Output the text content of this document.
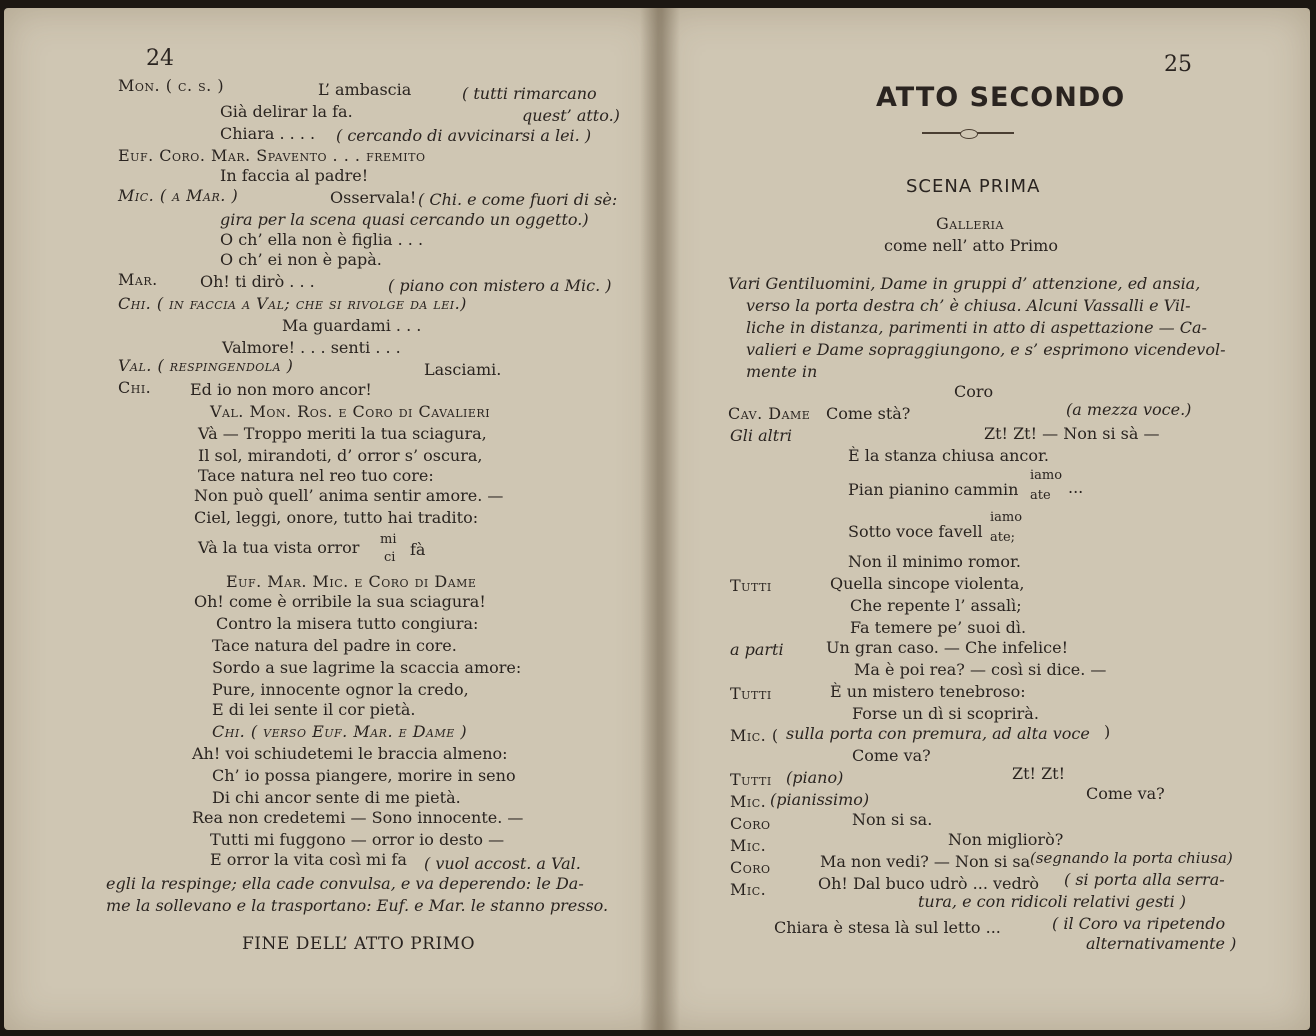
24
Mon. ( c. s. )	L’ ambascia	( tutti rimarcano
Già delirar la fa.	quest’ atto.)
Chiara . . . . ( cercando di avvicinarsi a lei. )
Euf. Coro. Mar. Spavento . . . fremito
In faccia al padre!
Mic. ( a Mar. )	Osservala! ( Chi. e come fuori di sè:
gira per la scena quasi cercando un oggetto.)
O ch’ ella non è figlia . . .
O ch’ ei non è papà.
Mar.	Oh! ti dirò . . .	( piano con mistero a Mic. )
Chi. ( in faccia a Val; che si rivolge da lei.)
Ma guardami . . .
Valmore! . . . senti . . .
Val. ( respingendola )	Lasciami.
Chi. Ed io non moro ancor!
Val. Mon. Ros. e Coro di Cavalieri
Và — Troppo meriti la tua sciagura,
Il sol, mirandoti, d’ orror s’ oscura,
Tace natura nel reo tuo core:
Non può quell’ anima sentir amore. —
Ciel, leggi, onore, tutto hai tradito:
Và la tua vista orror mi
ci fà
Euf. Mar. Mic. e Coro di Dame
Oh! come è orribile la sua sciagura!
Contro la misera tutto congiura:
Tace natura del padre in core.
Sordo a sue lagrime la scaccia amore:
Pure, innocente ognor la credo,
E di lei sente il cor pietà.
Chi. ( verso Euf. Mar. e Dame )
Ah! voi schiudetemi le braccia almeno:
Ch’ io possa piangere, morire in seno
Di chi ancor sente di me pietà.
Rea non credetemi — Sono innocente. —
Tutti mi fuggono — orror io desto —
E orror la vita così mi fa ( vuol accost. a Val.
egli la respinge; ella cade convulsa, e va deperendo: le Da-
me la sollevano e la trasportano: Euf. e Mar. le stanno presso.
FINE DELL’ ATTO PRIMO
25
ATTO SECONDO
SCENA PRIMA
Galleria
come nell’ atto Primo
Vari Gentiluomini, Dame in gruppi d’ attenzione, ed ansia,
verso la porta destra ch’ è chiusa. Alcuni Vassalli e Vil-
liche in distanza, parimenti in atto di aspettazione — Ca-
valieri e Dame sopraggiungono, e s’ esprimono vicendevol-
mente in
Coro
Cav. Dame Come stà?	(a mezza voce.)
Gli altri	Zt! Zt! — Non si sà —
È la stanza chiusa ancor.
Pian pianino cammin
iamo
ate ...
Sotto voce favell
iamo
ate;
Non il minimo romor.
Tutti	Quella sincope violenta,
Che repente l’ assalì;
Fa temere pe’ suoi dì.
a parti	Un gran caso. — Che infelice!
Ma è poi rea? — così si dice. —
Tutti	È un mistero tenebroso:
Forse un dì si scoprirà.
Mic. ( sulla porta con premura, ad alta voce )
Come va?
Tutti (piano)	Zt! Zt!
Mic. (pianissimo)	Come va?
Coro	Non si sa.
Mic.	Non migliorò?
Coro	Ma non vedi? — Non si sa (segnando la porta chiusa)
Mic.	Oh! Dal buco udrò ... vedrò ( si porta alla serra-
tura, e con ridicoli relativi gesti )
Chiara è stesa là sul letto ...	( il Coro va ripetendo
alternativamente )
